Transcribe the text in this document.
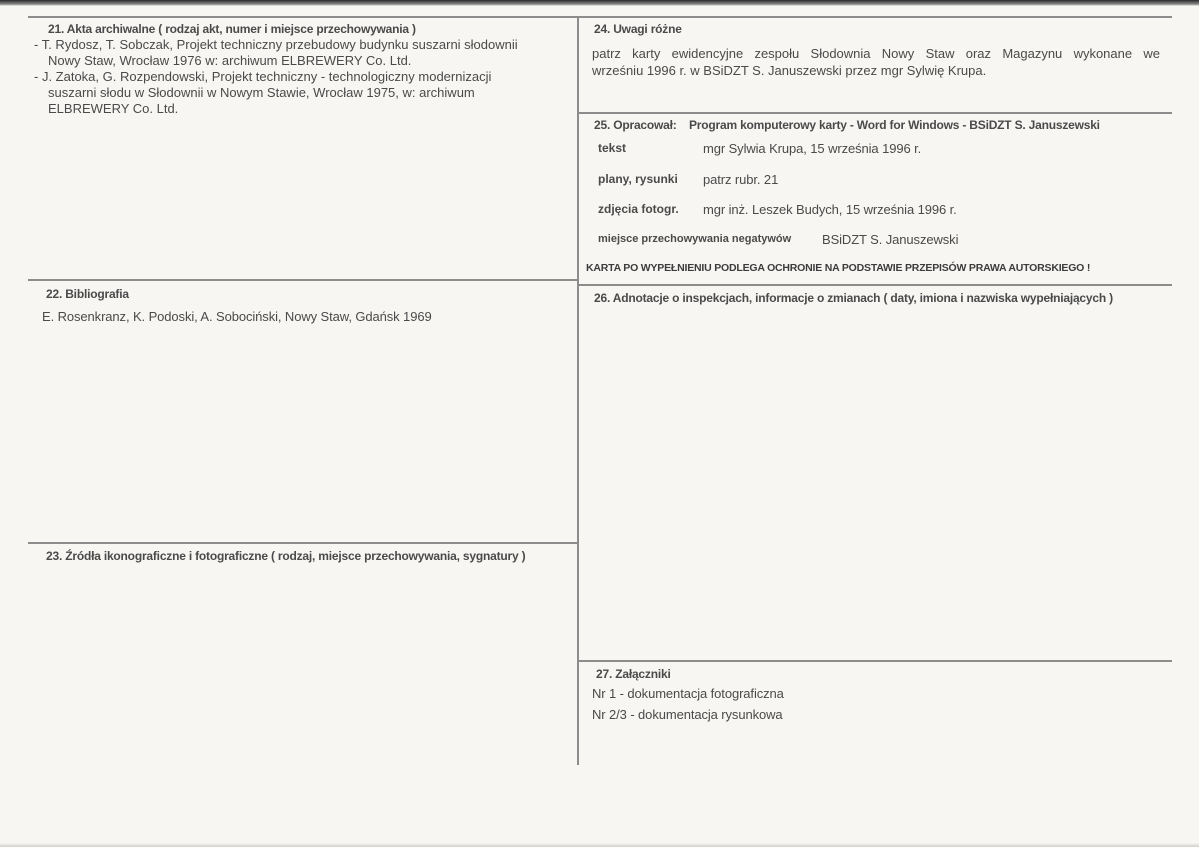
21. Akta archiwalne ( rodzaj akt, numer i miejsce przechowywania )
- T. Rydosz, T. Sobczak, Projekt techniczny przebudowy budynku suszarni słodownii
Nowy Staw, Wrocław 1976 w: archiwum ELBREWERY Co. Ltd.
- J. Zatoka, G. Rozpendowski, Projekt techniczny - technologiczny modernizacji
suszarni słodu w Słodownii w Nowym Stawie, Wrocław 1975, w: archiwum
ELBREWERY Co. Ltd.
22. Bibliografia
E. Rosenkranz, K. Podoski, A. Sobociński, Nowy Staw, Gdańsk 1969
23. Źródła ikonograficzne i fotograficzne ( rodzaj, miejsce przechowywania, sygnatury )
24. Uwagi różne
patrz karty ewidencyjne zespołu Słodownia Nowy Staw oraz Magazynu wykonane we
wrześniu 1996 r. w BSiDZT S. Januszewski przez mgr Sylwię Krupa.
25. Opracował: Program komputerowy karty - Word for Windows - BSiDZT S. Januszewski
tekst	mgr Sylwia Krupa, 15 września 1996 r.
plany, rysunki patrz rubr. 21
zdjęcia fotogr. mgr inż. Leszek Budych, 15 września 1996 r.
miejsce przechowywania negatywów BSiDZT S. Januszewski
KARTA PO WYPEŁNIENIU PODLEGA OCHRONIE NA PODSTAWIE PRZEPISÓW PRAWA AUTORSKIEGO !
26. Adnotacje o inspekcjach, informacje o zmianach ( daty, imiona i nazwiska wypełniających )
27. Załączniki
Nr 1 - dokumentacja fotograficzna
Nr 2/3 - dokumentacja rysunkowa
